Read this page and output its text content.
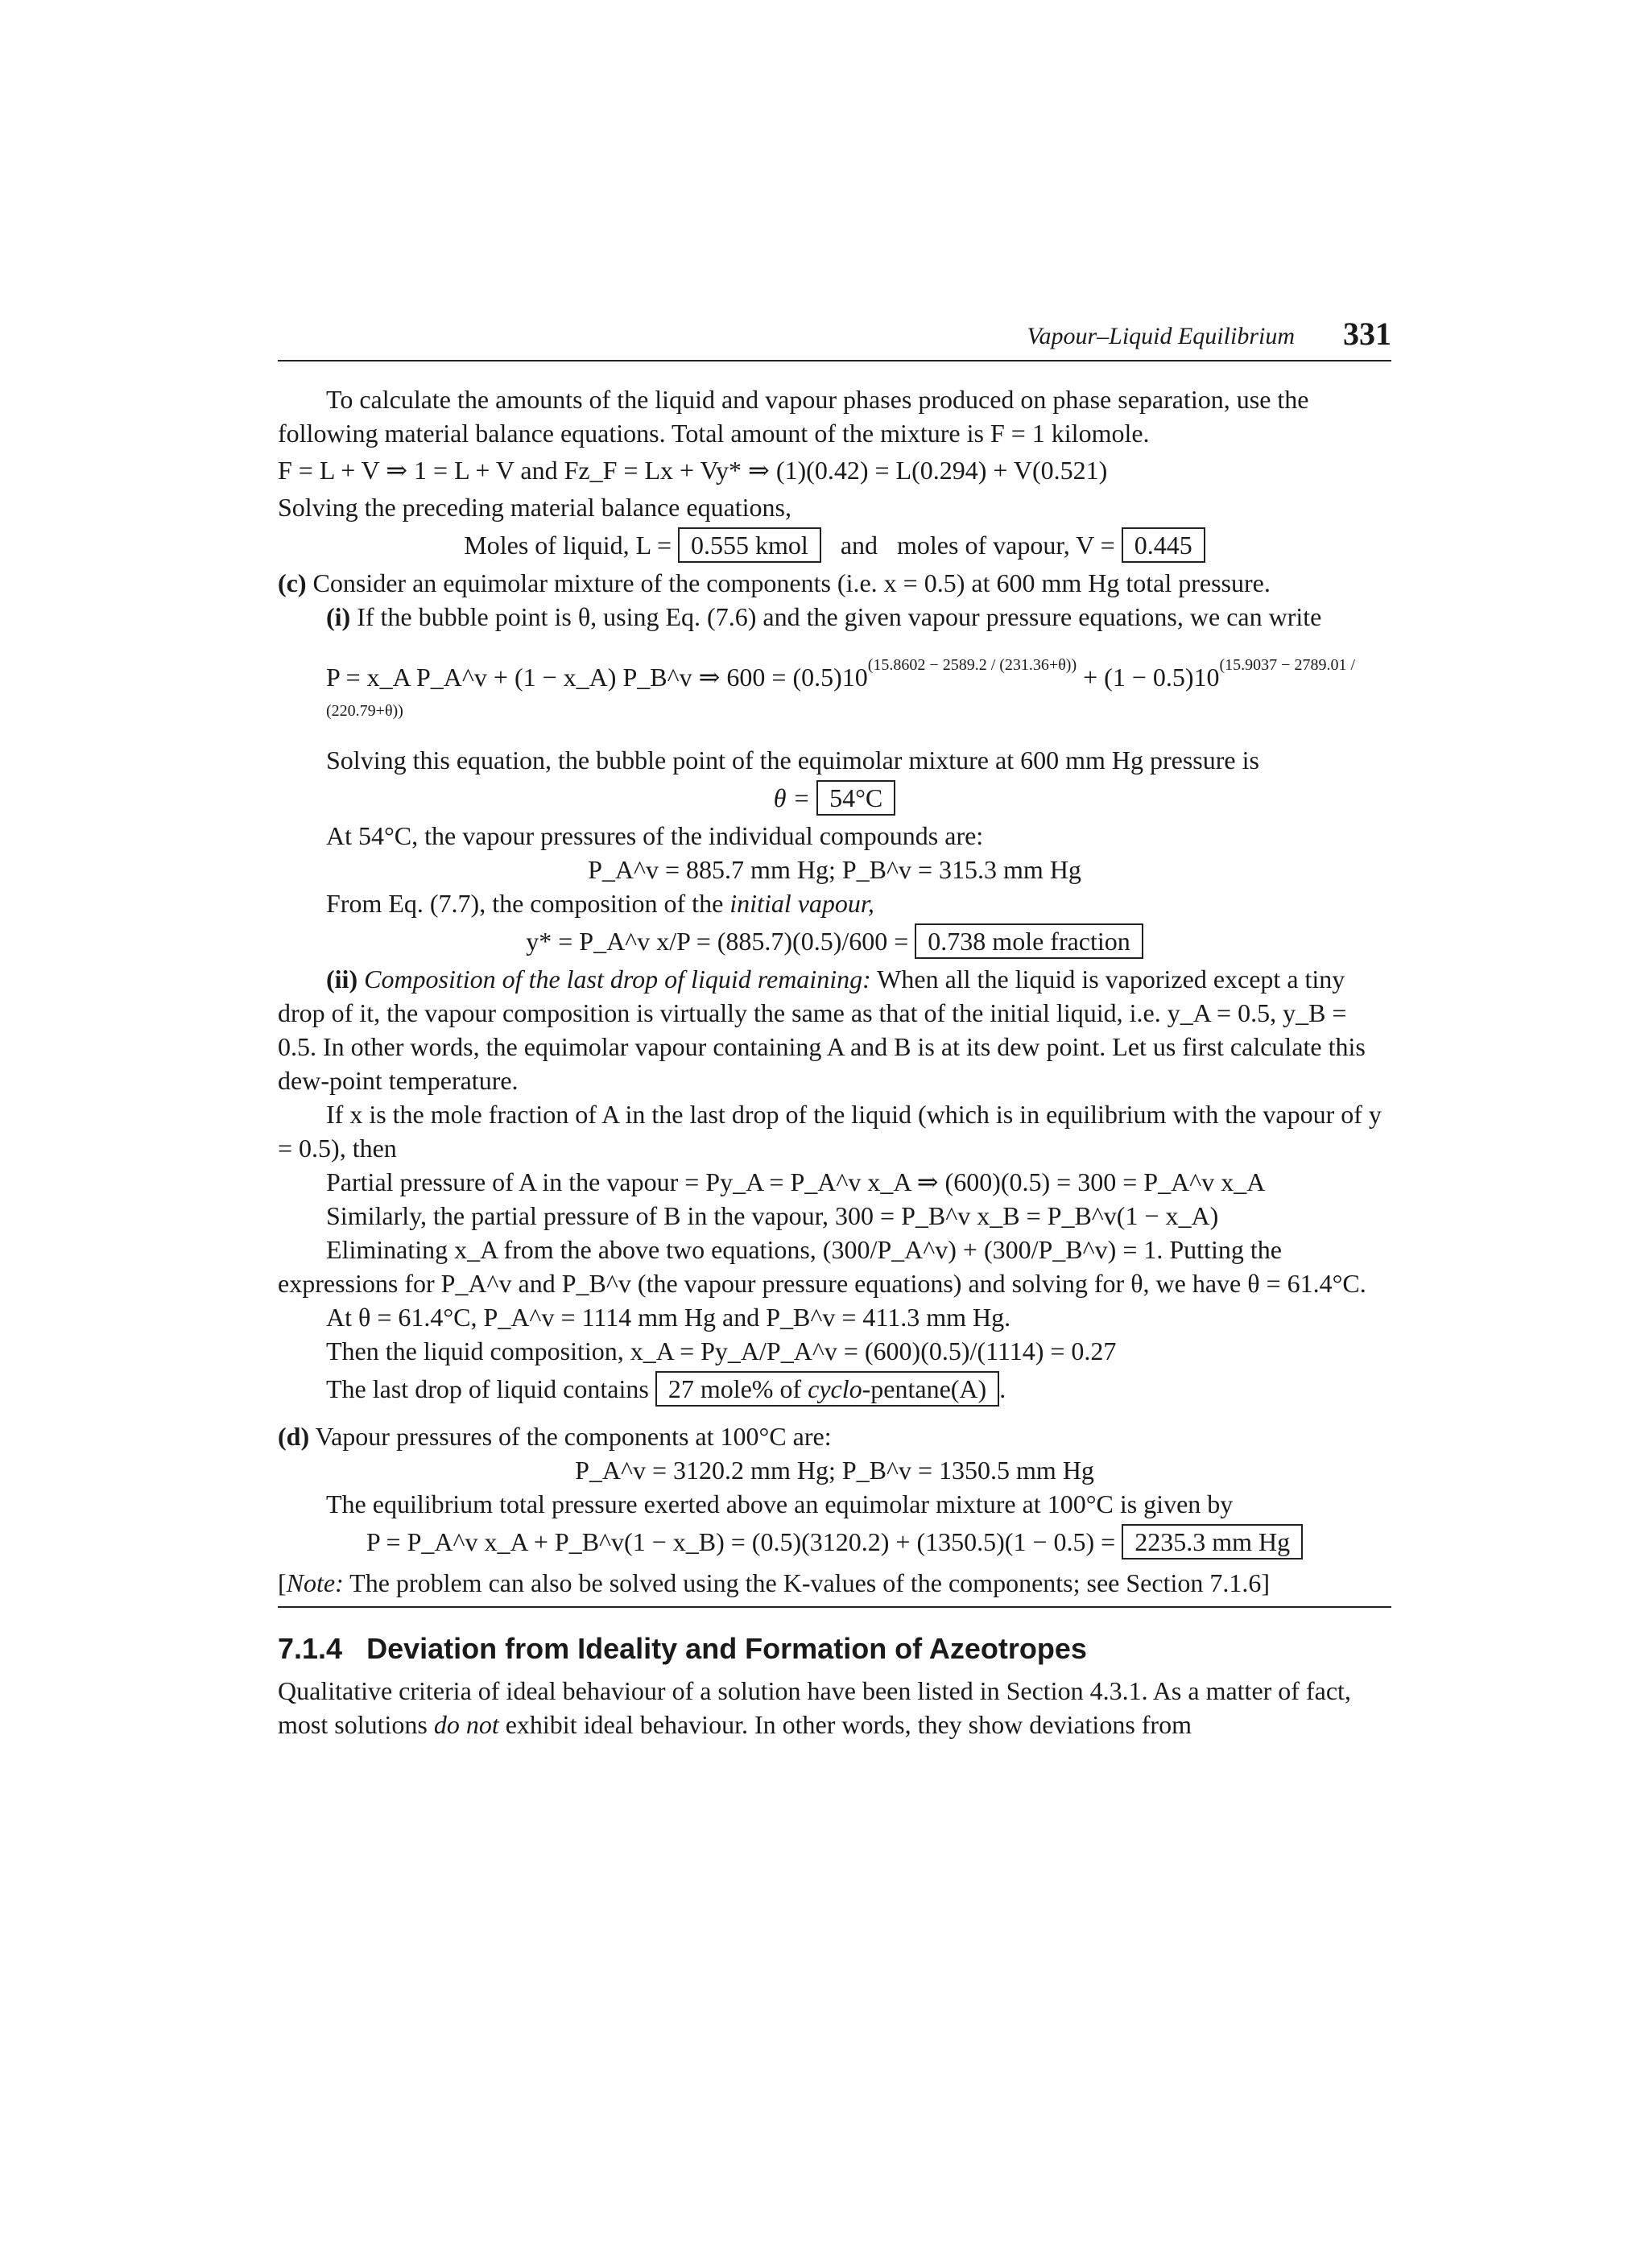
Vapour–Liquid Equilibrium 331

To calculate the amounts of the liquid and vapour phases produced on phase separation, use the following material balance equations. Total amount of the mixture is F = 1 kilomole.

F = L + V ⇒ 1 = L + V and Fz_F = Lx + Vy* ⇒ (1)(0.42) = L(0.294) + V(0.521)

Solving the preceding material balance equations,

Moles of liquid, L = 0.555 kmol and moles of vapour, V = 0.445

(c) Consider an equimolar mixture of the components (i.e. x = 0.5) at 600 mm Hg total pressure.

(i) If the bubble point is θ, using Eq. (7.6) and the given vapour pressure equations, we can write

P = x_A P_A^v + (1 − x_A) P_B^v ⇒ $600 = (0.5)10^{(15.8602 - 2589.2 / (231.36+\theta))} + (1 - 0.5)10^{(15.9037 - 2789.01 / (220.79+\theta))}$

Solving this equation, the bubble point of the equimolar mixture at 600 mm Hg pressure is

θ = 54°C

At 54°C, the vapour pressures of the individual compounds are:

P_A^v = 885.7 mm Hg; P_B^v = 315.3 mm Hg

From Eq. (7.7), the composition of the initial vapour,

y* = P_A^v x/P = (885.7)(0.5)/600 = 0.738 mole fraction

(ii) Composition of the last drop of liquid remaining: When all the liquid is vaporized except a tiny drop of it, the vapour composition is virtually the same as that of the initial liquid, i.e. y_A = 0.5, y_B = 0.5. In other words, the equimolar vapour containing A and B is at its dew point. Let us first calculate this dew-point temperature.

If x is the mole fraction of A in the last drop of the liquid (which is in equilibrium with the vapour of y = 0.5), then

Partial pressure of A in the vapour = Py_A = P_A^v x_A ⇒ (600)(0.5) = 300 = P_A^v x_A

Similarly, the partial pressure of B in the vapour, 300 = P_B^v x_B = P_B^v(1 − x_A)

Eliminating x_A from the above two equations, (300/P_A^v) + (300/P_B^v) = 1. Putting the expressions for P_A^v and P_B^v (the vapour pressure equations) and solving for θ, we have θ = 61.4°C.

At θ = 61.4°C, P_A^v = 1114 mm Hg and P_B^v = 411.3 mm Hg.

Then the liquid composition, x_A = Py_A/P_A^v = (600)(0.5)/(1114) = 0.27

The last drop of liquid contains 27 mole% of cyclo-pentane(A) .

(d) Vapour pressures of the components at 100°C are:

P_A^v = 3120.2 mm Hg; P_B^v = 1350.5 mm Hg

The equilibrium total pressure exerted above an equimolar mixture at 100°C is given by

P = P_A^v x_A + P_B^v(1 − x_B) = (0.5)(3120.2) + (1350.5)(1 − 0.5) = 2235.3 mm Hg

[Note: The problem can also be solved using the K-values of the components; see Section 7.1.6]

7.1.4 Deviation from Ideality and Formation of Azeotropes

Qualitative criteria of ideal behaviour of a solution have been listed in Section 4.3.1. As a matter of fact, most solutions do not exhibit ideal behaviour. In other words, they show deviations from
